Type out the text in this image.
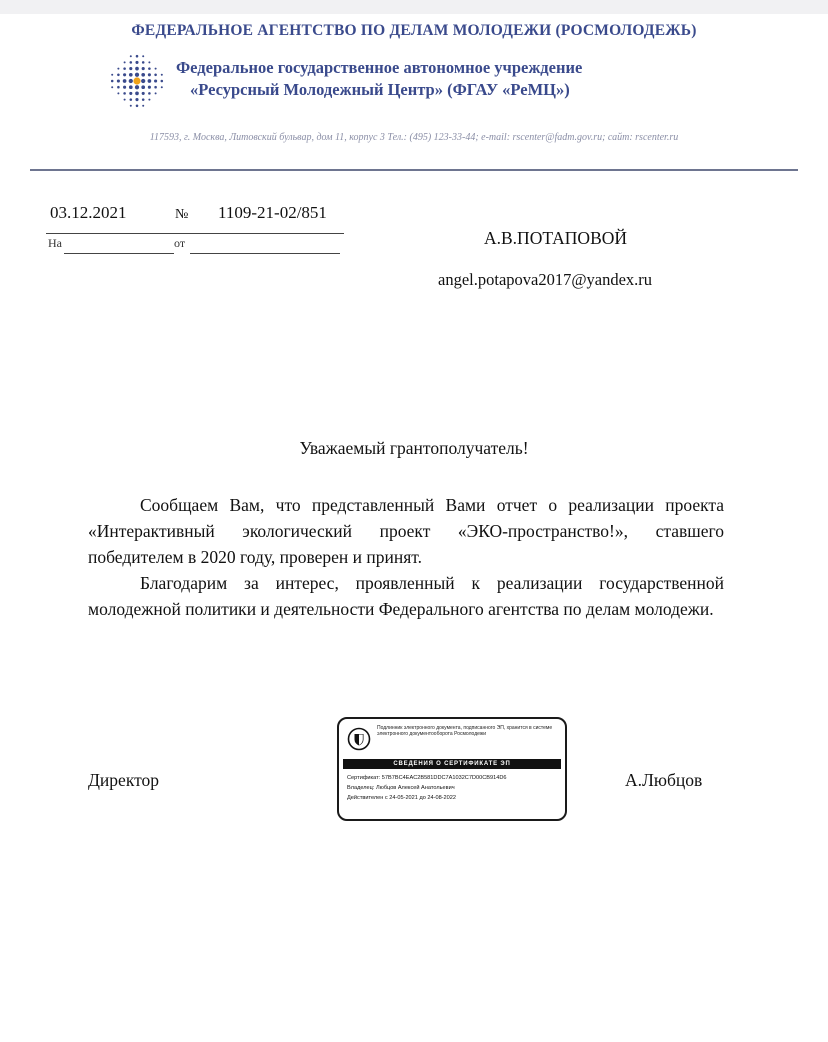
ФЕДЕРАЛЬНОЕ АГЕНТСТВО ПО ДЕЛАМ МОЛОДЕЖИ (РОСМОЛОДЕЖЬ)
Федеральное государственное автономное учреждение
«Ресурсный Молодежный Центр» (ФГАУ «РеМЦ»)
117593, г. Москва, Литовский бульвар, дом 11, корпус 3 Тел.: (495) 123-33-44; e-mail: rscenter@fadm.gov.ru; сайт: rscenter.ru
03.12.2021	№ 1109-21-02/851
На	от	А.В.ПОТАПОВОЙ
angel.potapova2017@yandex.ru
Уважаемый грантополучатель!

Сообщаем Вам, что представленный Вами отчет о реализации проекта «Интерактивный экологический проект «ЭКО-пространство!», ставшего победителем в 2020 году, проверен и принят.

Благодарим за интерес, проявленный к реализации государственной молодежной политики и деятельности Федерального агентства по делам молодежи.

Директор
Подлинник электронного документа, подписанного ЭП, хранится в системе электронного документооборота Росмолодежи
СВЕДЕНИЯ О СЕРТИФИКАТЕ ЭП
Сертификат: 57B7BC4EAC2B581DDC7A1032C7D00CB914D6
Владелец: Любцов Алексей Анатольевич
Действителен с 24-05-2021 до 24-08-2022
А.Любцов
